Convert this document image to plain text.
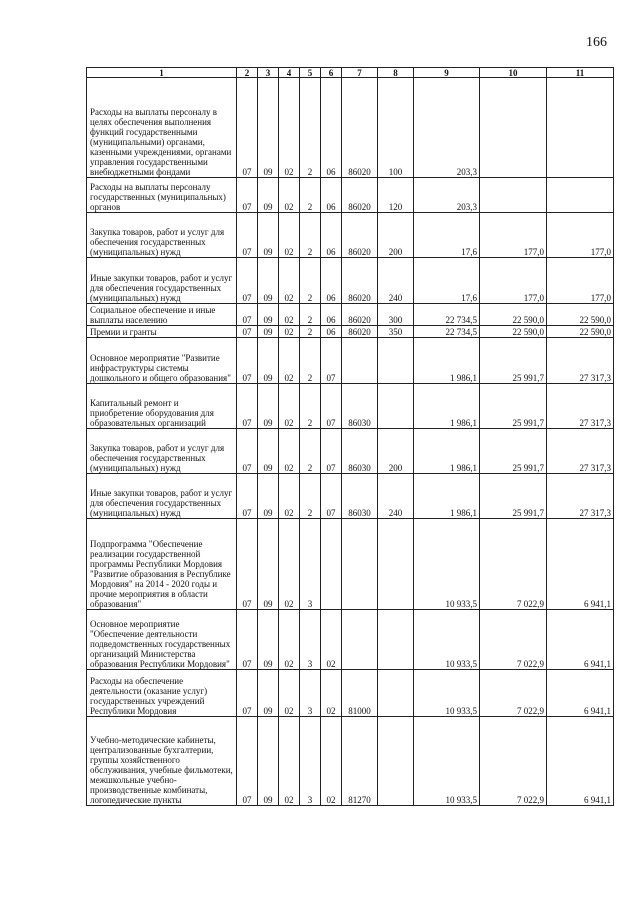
166
1	2	3	4	5	6	7	8	9	10	11
Расходы на выплаты персоналу в целях обеспечения выполнения функций государственными (муниципальными) органами, казенными учреждениями, органами управления государственными внебюджетными фондами	07	09	02	2	06	86020	100	203,3		
Расходы на выплаты персоналу государственных (муниципальных) органов	07	09	02	2	06	86020	120	203,3		
Закупка товаров, работ и услуг для обеспечения государственных (муниципальных) нужд	07	09	02	2	06	86020	200	17,6	177,0	177,0
Иные закупки товаров, работ и услуг для обеспечения государственных (муниципальных) нужд	07	09	02	2	06	86020	240	17,6	177,0	177,0
Социальное обеспечение и иные выплаты населению	07	09	02	2	06	86020	300	22 734,5	22 590,0	22 590,0
Премии и гранты	07	09	02	2	06	86020	350	22 734,5	22 590,0	22 590,0
Основное мероприятие "Развитие инфраструктуры системы дошкольного и общего образования"	07	09	02	2	07			1 986,1	25 991,7	27 317,3
Капитальный ремонт и приобретение оборудования для образовательных организаций	07	09	02	2	07	86030		1 986,1	25 991,7	27 317,3
Закупка товаров, работ и услуг для обеспечения государственных (муниципальных) нужд	07	09	02	2	07	86030	200	1 986,1	25 991,7	27 317,3
Иные закупки товаров, работ и услуг для обеспечения государственных (муниципальных) нужд	07	09	02	2	07	86030	240	1 986,1	25 991,7	27 317,3
Подпрограмма "Обеспечение реализации государственной программы Республики Мордовия "Развитие образования в Республике Мордовия" на 2014 - 2020 годы и прочие мероприятия в области образования"	07	09	02	3				10 933,5	7 022,9	6 941,1
Основное мероприятие "Обеспечение деятельности подведомственных государственных организаций Министерства образования Республики Мордовия"	07	09	02	3	02			10 933,5	7 022,9	6 941,1
Расходы на обеспечение деятельности (оказание услуг) государственных учреждений Республики Мордовия	07	09	02	3	02	81000		10 933,5	7 022,9	6 941,1
Учебно-методические кабинеты, централизованные бухгалтерии, группы хозяйственного обслуживания, учебные фильмотеки, межшкольные учебно-производственные комбинаты, логопедические пункты	07	09	02	3	02	81270		10 933,5	7 022,9	6 941,1
